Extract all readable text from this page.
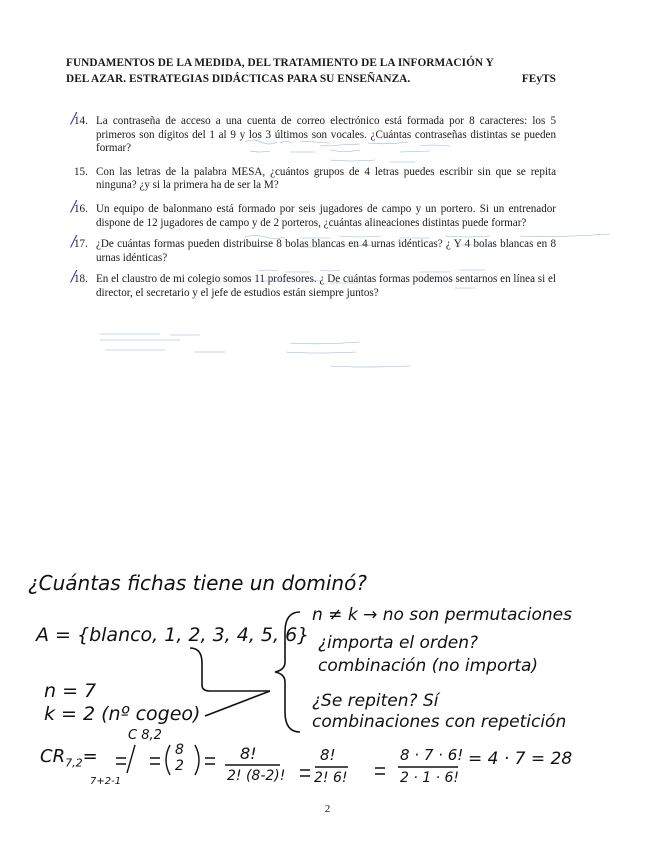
FUNDAMENTOS DE LA MEDIDA, DEL TRATAMIENTO DE LA INFORMACIÓN Y
DEL AZAR. ESTRATEGIAS DIDÁCTICAS PARA SU ENSEÑANZA.	FEyTS
/
14. La contraseña de acceso a una cuenta de correo electrónico está formada por 8 caracteres: los 5 primeros son dígitos del 1 al 9 y los 3 últimos son vocales. ¿Cuántas contraseñas distintas se pueden formar?
15. Con las letras de la palabra MESA, ¿cuántos grupos de 4 letras puedes escribir sin que se repita ninguna? ¿y si la primera ha de ser la M?
/
16. Un equipo de balonmano está formado por seis jugadores de campo y un portero. Si un entrenador dispone de 12 jugadores de campo y de 2 porteros, ¿cuántas alineaciones distintas puede formar?
/
17. ¿De cuántas formas pueden distribuirse 8 bolas blancas en 4 urnas idénticas? ¿ Y 4 bolas blancas en 8 urnas idénticas?
/
18. En el claustro de mi colegio somos 11 profesores. ¿ De cuántas formas podemos sentarnos en línea si el director, el secretario y el jefe de estudios están siempre juntos?
¿Cuántas fichas tiene un dominó?
A = {blanco, 1, 2, 3, 4, 5, 6}
n = 7
k = 2 (nº cogeo)
n ≠ k → no son permutaciones
¿importa el orden?
combinación (no importa)
¿Se repiten? Sí
combinaciones con repetición
$CR_{7,2}=$
C 8,2
7+2-1
8
2
8!
2! (8-2)!
8!
2! 6!
8 · 7 · 6!
2 · 1 · 6!
= 4 · 7 = 28
2
